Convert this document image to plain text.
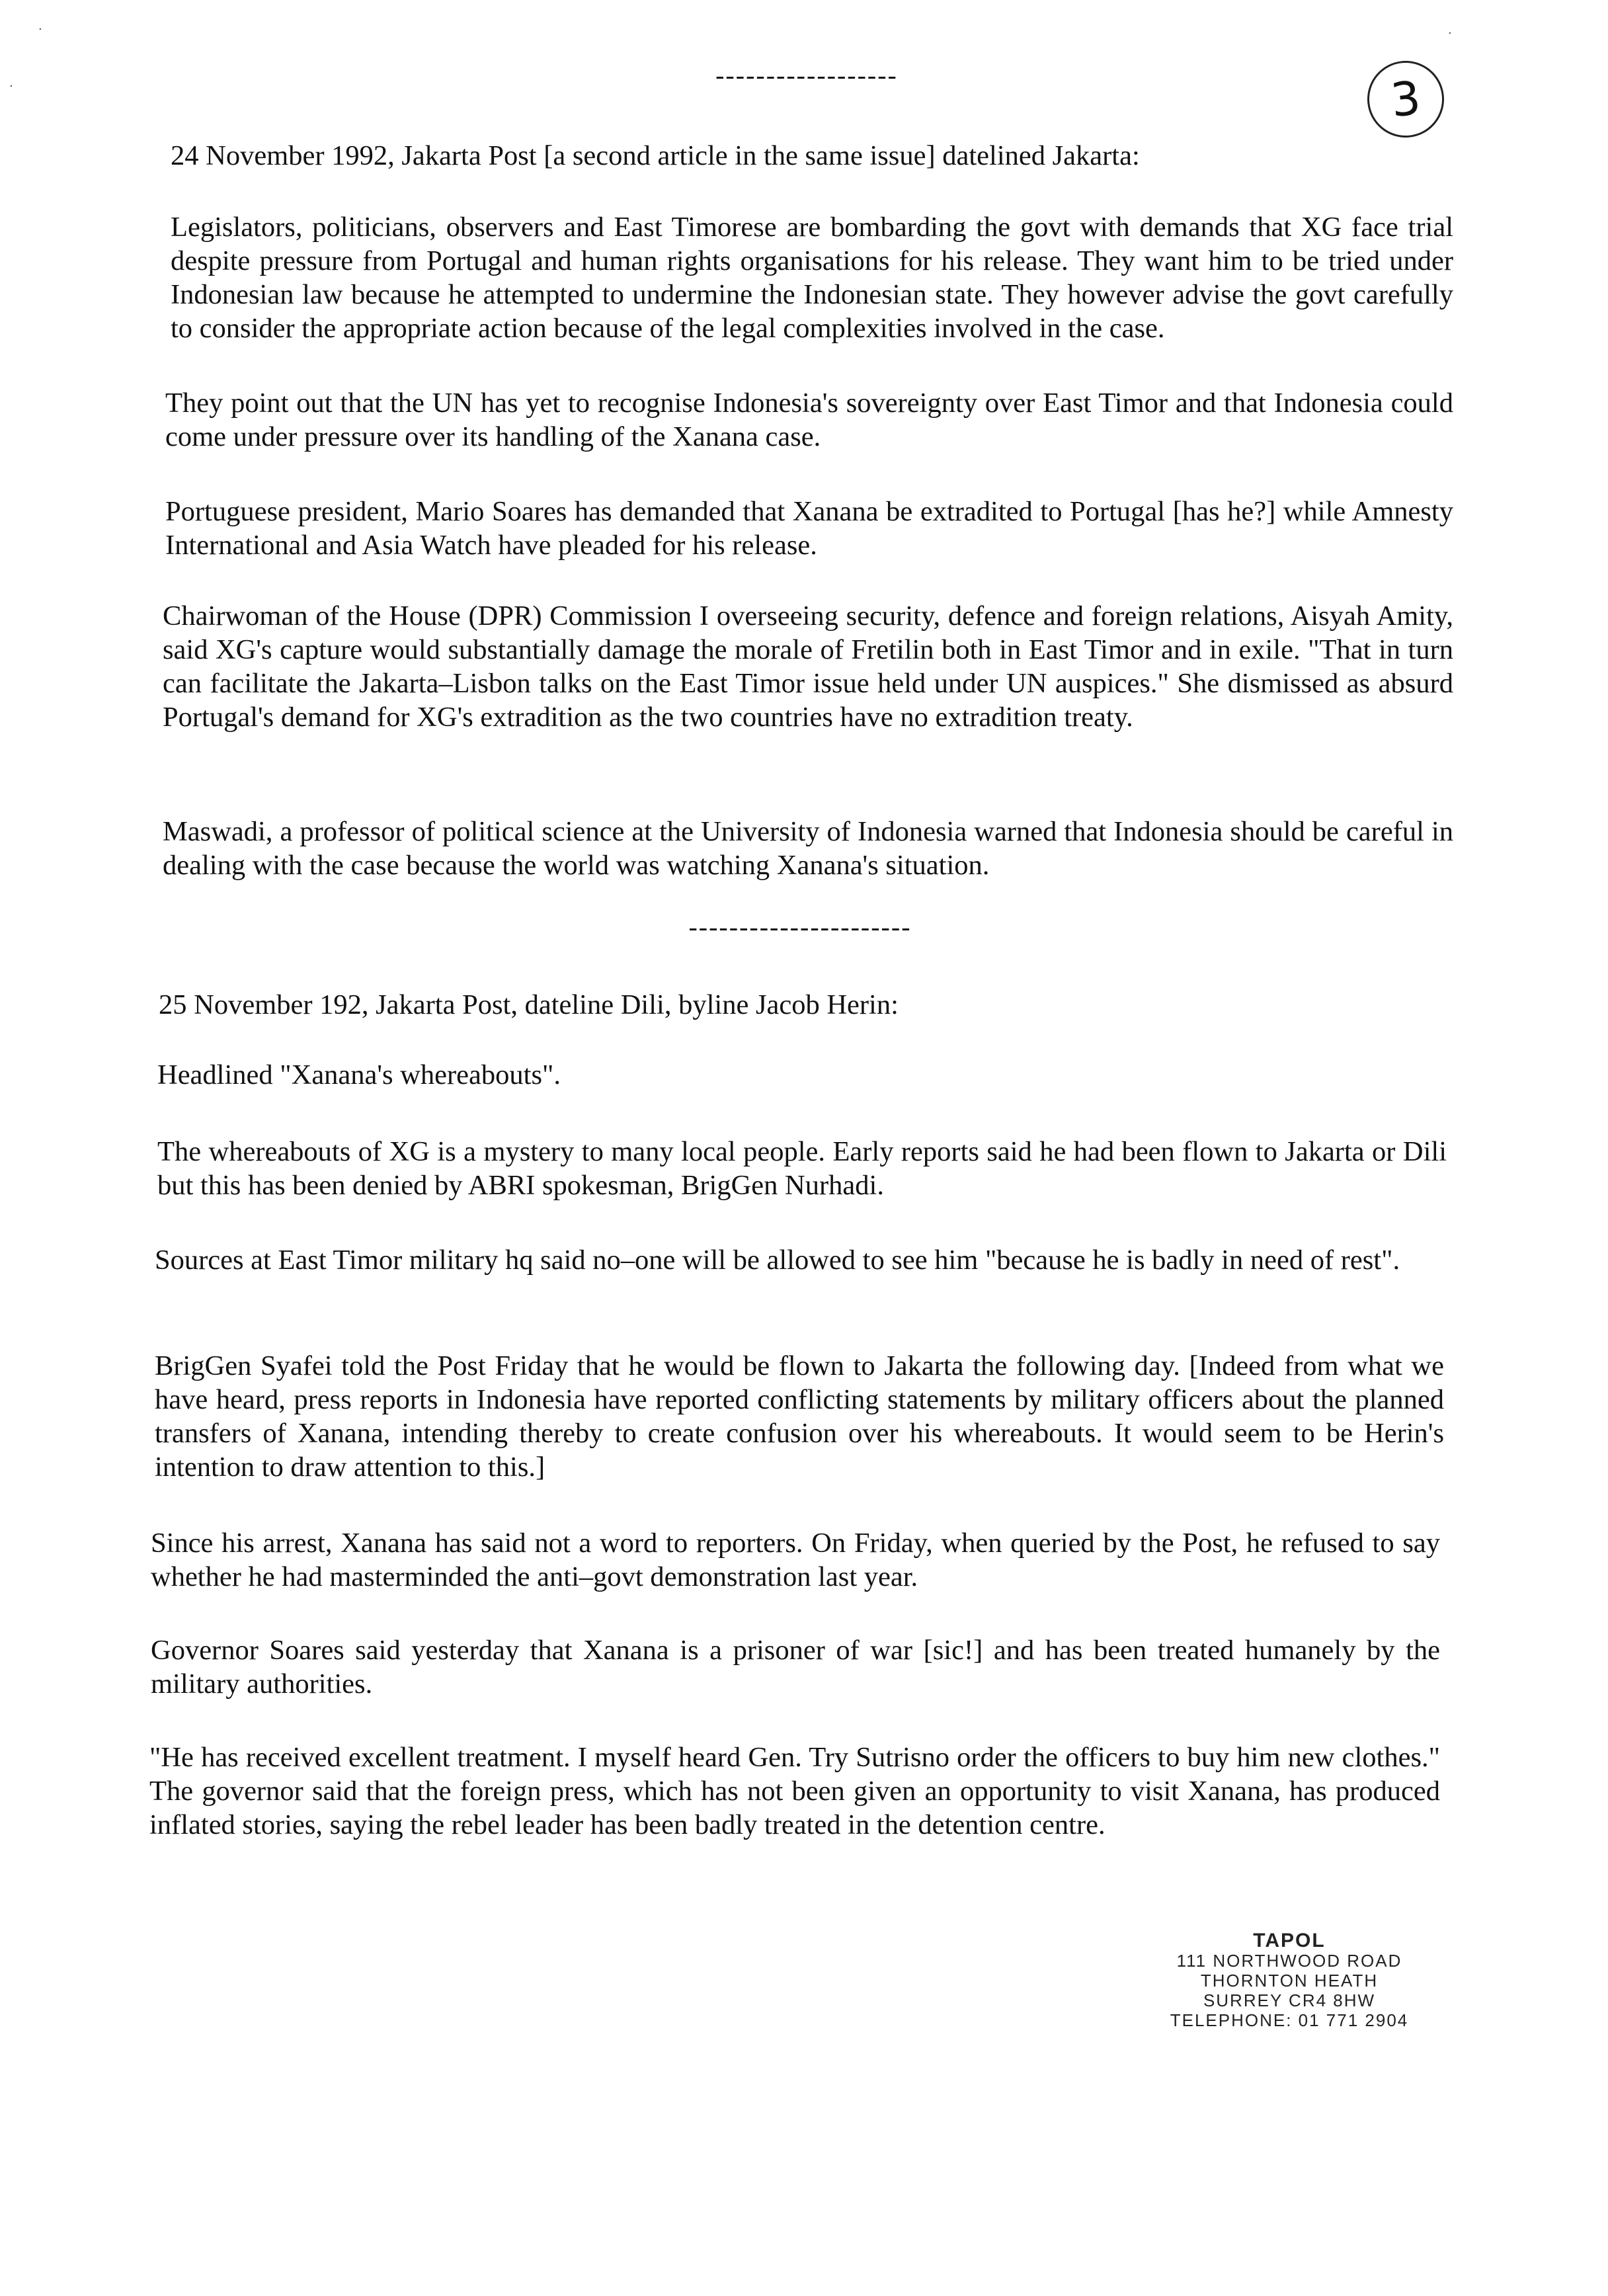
------------------	3

24 November 1992, Jakarta Post [a second article in the same issue] datelined Jakarta:

Legislators, politicians, observers and East Timorese are bombarding the govt with demands that XG face trial despite pressure from Portugal and human rights organisations for his release. They want him to be tried under Indonesian law because he attempted to undermine the Indonesian state. They however advise the govt carefully to consider the appropriate action because of the legal complexities involved in the case.

They point out that the UN has yet to recognise Indonesia's sovereignty over East Timor and that Indonesia could come under pressure over its handling of the Xanana case.

Portuguese president, Mario Soares has demanded that Xanana be extradited to Portugal [has he?] while Amnesty International and Asia Watch have pleaded for his release.

Chairwoman of the House (DPR) Commission I overseeing security, defence and foreign relations, Aisyah Amity, said XG's capture would substantially damage the morale of Fretilin both in East Timor and in exile. "That in turn can facilitate the Jakarta–Lisbon talks on the East Timor issue held under UN auspices." She dismissed as absurd Portugal's demand for XG's extradition as the two countries have no extradition treaty.

Maswadi, a professor of political science at the University of Indonesia warned that Indonesia should be careful in dealing with the case because the world was watching Xanana's situation.

----------------------

25 November 192, Jakarta Post, dateline Dili, byline Jacob Herin:

Headlined "Xanana's whereabouts".

The whereabouts of XG is a mystery to many local people. Early reports said he had been flown to Jakarta or Dili but this has been denied by ABRI spokesman, BrigGen Nurhadi.

Sources at East Timor military hq said no–one will be allowed to see him "because he is badly in need of rest".

BrigGen Syafei told the Post Friday that he would be flown to Jakarta the following day. [Indeed from what we have heard, press reports in Indonesia have reported conflicting statements by military officers about the planned transfers of Xanana, intending thereby to create confusion over his whereabouts. It would seem to be Herin's intention to draw attention to this.]

Since his arrest, Xanana has said not a word to reporters. On Friday, when queried by the Post, he refused to say whether he had masterminded the anti–govt demonstration last year.

Governor Soares said yesterday that Xanana is a prisoner of war [sic!] and has been treated humanely by the military authorities.

"He has received excellent treatment. I myself heard Gen. Try Sutrisno order the officers to buy him new clothes." The governor said that the foreign press, which has not been given an opportunity to visit Xanana, has produced inflated stories, saying the rebel leader has been badly treated in the detention centre.

TAPOL
111 NORTHWOOD ROAD
THORNTON HEATH
SURREY CR4 8HW
TELEPHONE: 01 771 2904
·
·
·
